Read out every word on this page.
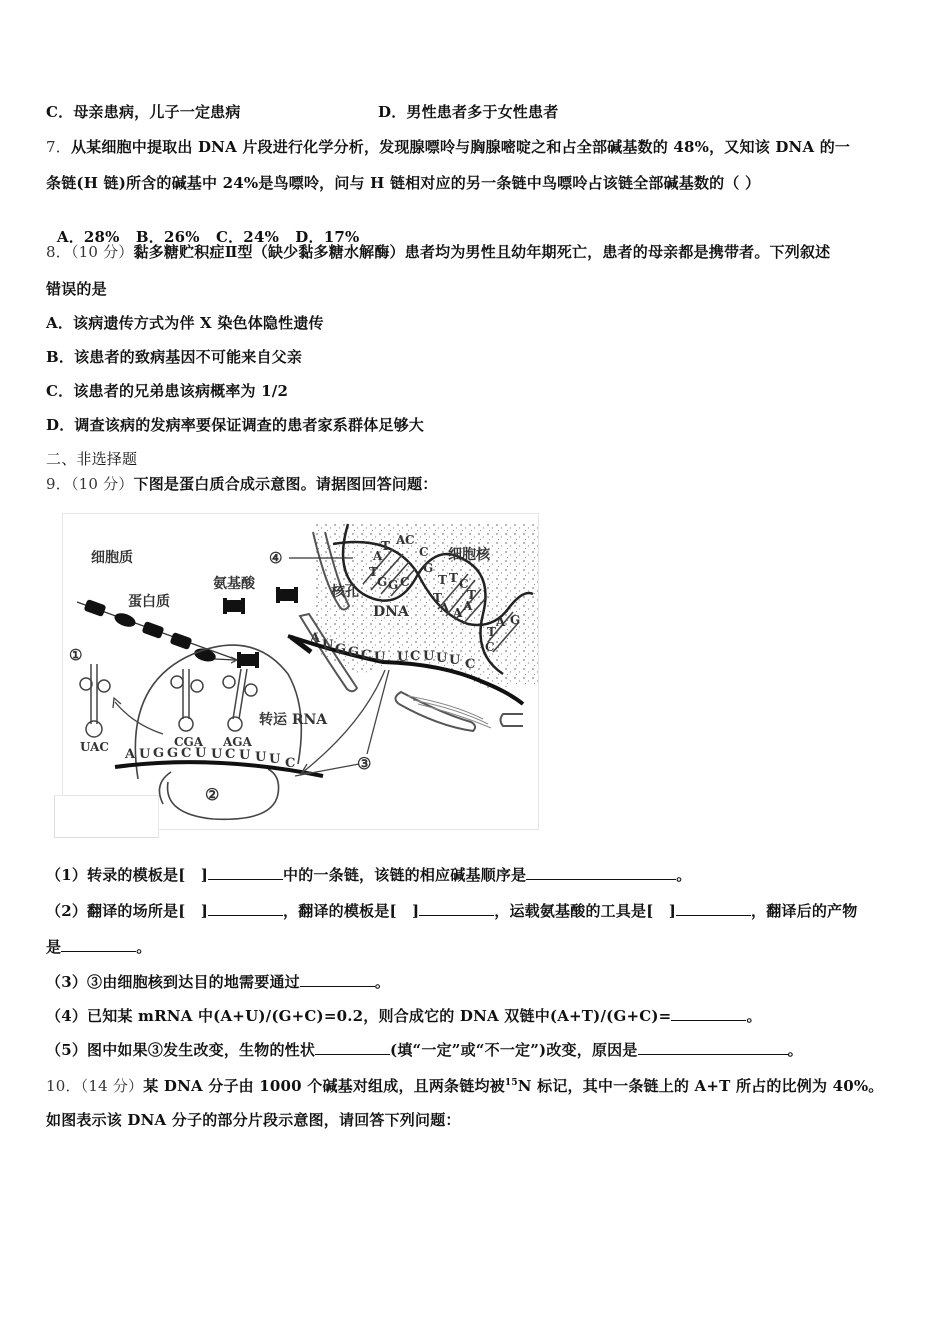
C．母亲患病，儿子一定患病	D．男性患者多于女性患者
7．从某细胞中提取出 DNA 片段进行化学分析，发现腺嘌呤与胸腺嘧啶之和占全部碱基数的 48%，又知该 DNA 的一
条链(H 链)所含的碱基中 24%是鸟嘌呤，问与 H 链相对应的另一条链中鸟嘌呤占该链全部碱基数的（ ）

A．28%   B．26%   C．24%   D．17%

8．（10 分）黏多糖贮积症Ⅱ型（缺少黏多糖水解酶）患者均为男性且幼年期死亡，患者的母亲都是携带者。下列叙述
错误的是
A．该病遗传方式为伴 X 染色体隐性遗传
B．该患者的致病基因不可能来自父亲
C．该患者的兄弟患该病概率为 1/2
D．调查该病的发病率要保证调查的患者家系群体足够大
二、非选择题
9．（10 分）下图是蛋白质合成示意图。请据图回答问题：
A
T A C
C
G
T
G G C T T C
T
T
A A A
A G
T
C
细胞核
核孔
DNA
④
细胞质
蛋白质
氨基酸
②
①
UAC	CGA AGA
转运 RNA
A U G G C U U C U U U C
A U G G C U U C U U U C
③
（1）转录的模板是[　]	中的一条链，该链的相应碱基顺序是	。
（2）翻译的场所是[　]	，翻译的模板是[　]	，运载氨基酸的工具是[　]	，翻译后的产物
是	。
（3）③由细胞核到达目的地需要通过	。
（4）已知某 mRNA 中(A+U)/(G+C)=0.2，则合成它的 DNA 双链中(A+T)/(G+C)=	。
（5）图中如果③发生改变，生物的性状	(填“一定”或“不一定”)改变，原因是	。
10．（14 分）某 DNA 分子由 1000 个碱基对组成，且两条链均被$^{15}$N 标记，其中一条链上的 A+T 所占的比例为 40%。
如图表示该 DNA 分子的部分片段示意图，请回答下列问题：
